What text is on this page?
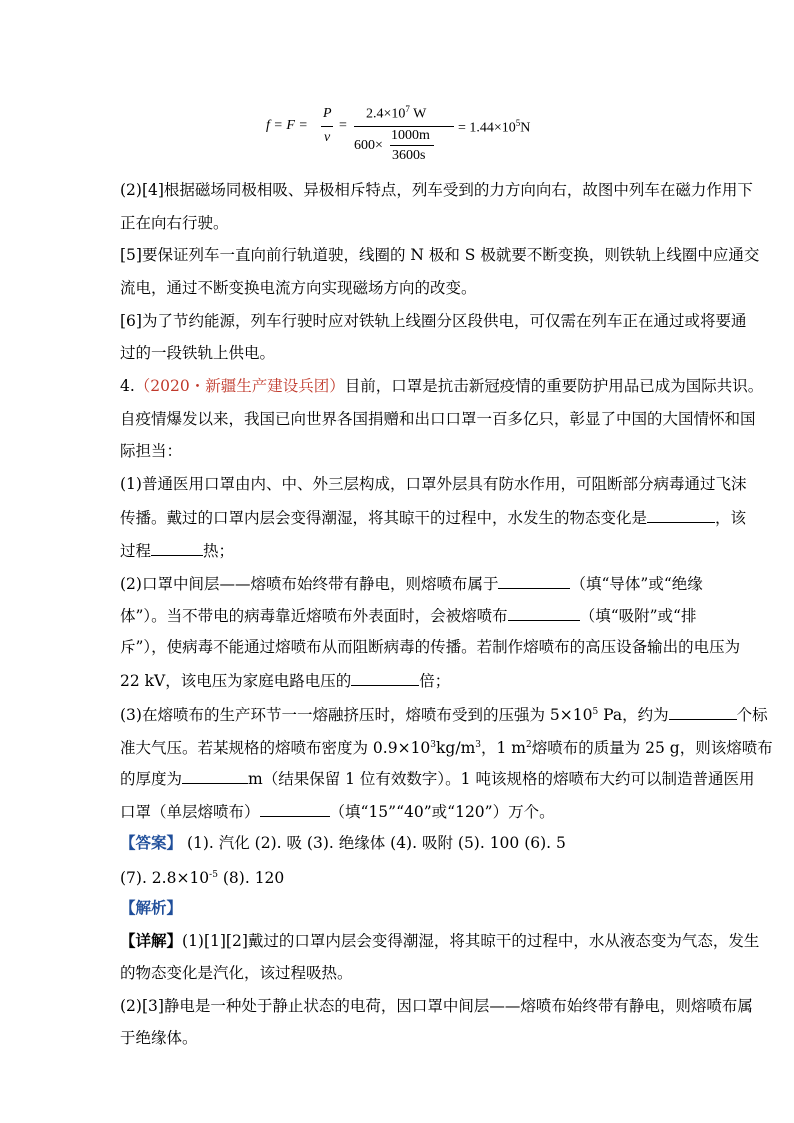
f = F =
P
v
=
$2.4\times 10^7$ W
600×
1000m
3600s
= $1.44\times 10^5N$
(2)[4]根据磁场同极相吸、异极相斥特点，列车受到的力方向向右，故图中列车在磁力作用下
正在向右行驶。
[5]要保证列车一直向前行轨道驶，线圈的 N 极和 S 极就要不断变换，则铁轨上线圈中应通交
流电，通过不断变换电流方向实现磁场方向的改变。
[6]为了节约能源，列车行驶时应对铁轨上线圈分区段供电，可仅需在列车正在通过或将要通
过的一段铁轨上供电。
4.（2020・新疆生产建设兵团）目前，口罩是抗击新冠疫情的重要防护用品已成为国际共识。
自疫情爆发以来，我国已向世界各国捐赠和出口口罩一百多亿只，彰显了中国的大国情怀和国
际担当：
(1)普通医用口罩由内、中、外三层构成，口罩外层具有防水作用，可阻断部分病毒通过飞沫
传播。戴过的口罩内层会变得潮湿，将其晾干的过程中，水发生的物态变化是	，该
过程	热；
(2)口罩中间层——熔喷布始终带有静电，则熔喷布属于	（填“导体”或“绝缘
体”）。当不带电的病毒靠近熔喷布外表面时，会被熔喷布	（填“吸附”或“排
斥”），使病毒不能通过熔喷布从而阻断病毒的传播。若制作熔喷布的高压设备输出的电压为
22 kV，该电压为家庭电路电压的	倍；
(3)在熔喷布的生产环节一一熔融挤压时，熔喷布受到的压强为 $5\times 10^5$ Pa，约为	个标
准大气压。若某规格的熔喷布密度为 $0.9\times 10^3kg/m^3$，1 $m^2$熔喷布的质量为 25 g，则该熔喷布
的厚度为	m（结果保留 1 位有效数字）。1 吨该规格的熔喷布大约可以制造普通医用
口罩（单层熔喷布）	（填“15”“40”或“120”）万个。
【答案】 (1). 汽化 (2). 吸 (3). 绝缘体 (4). 吸附 (5). 100 (6). 5
(7). $2.8\times 10^{-5}$ (8). 120
【解析】
【详解】(1)[1][2]戴过的口罩内层会变得潮湿，将其晾干的过程中，水从液态变为气态，发生
的物态变化是汽化，该过程吸热。
(2)[3]静电是一种处于静止状态的电荷，因口罩中间层——熔喷布始终带有静电，则熔喷布属
于绝缘体。
